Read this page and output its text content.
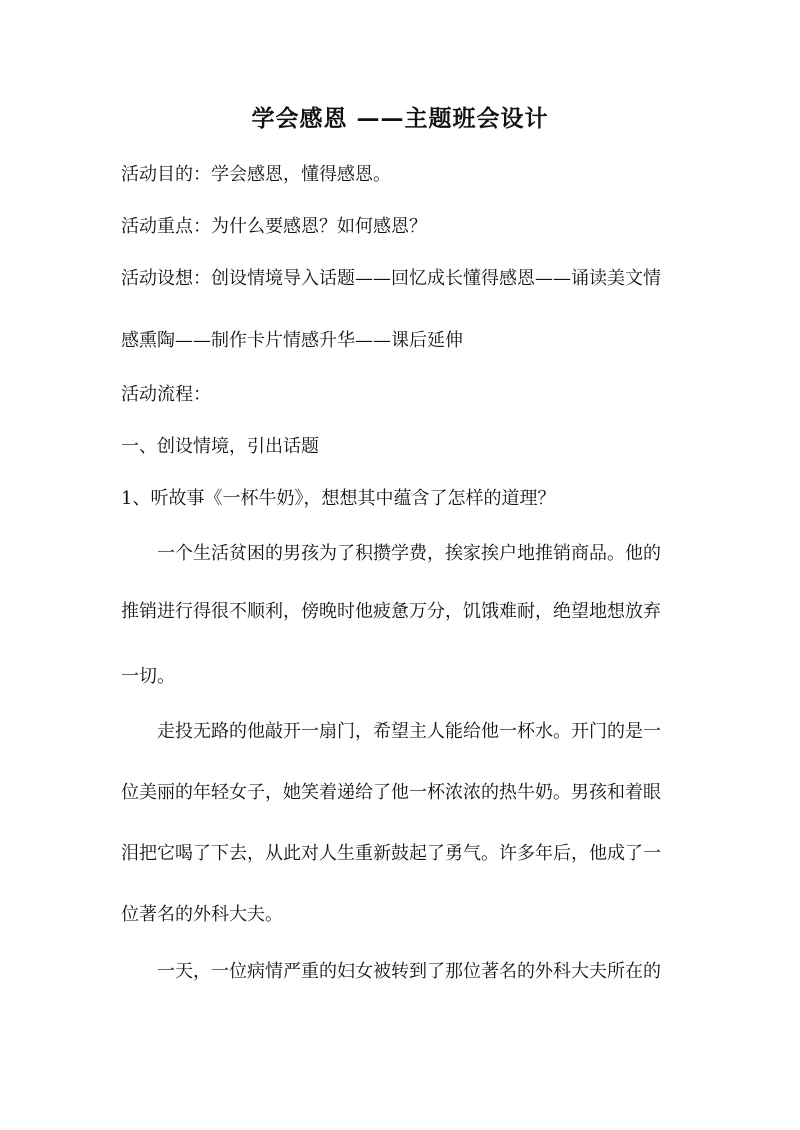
学会感恩 ——主题班会设计
活动目的：学会感恩，懂得感恩。
活动重点：为什么要感恩？如何感恩？
活动设想：创设情境导入话题——回忆成长懂得感恩——诵读美文情
感熏陶——制作卡片情感升华——课后延伸
活动流程：
一、创设情境，引出话题
1、听故事《一杯牛奶》，想想其中蕴含了怎样的道理？
一个生活贫困的男孩为了积攒学费，挨家挨户地推销商品。他的
推销进行得很不顺利，傍晚时他疲惫万分，饥饿难耐，绝望地想放弃
一切。
走投无路的他敲开一扇门，希望主人能给他一杯水。开门的是一
位美丽的年轻女子，她笑着递给了他一杯浓浓的热牛奶。男孩和着眼
泪把它喝了下去，从此对人生重新鼓起了勇气。许多年后，他成了一
位著名的外科大夫。
一天，一位病情严重的妇女被转到了那位著名的外科大夫所在的
